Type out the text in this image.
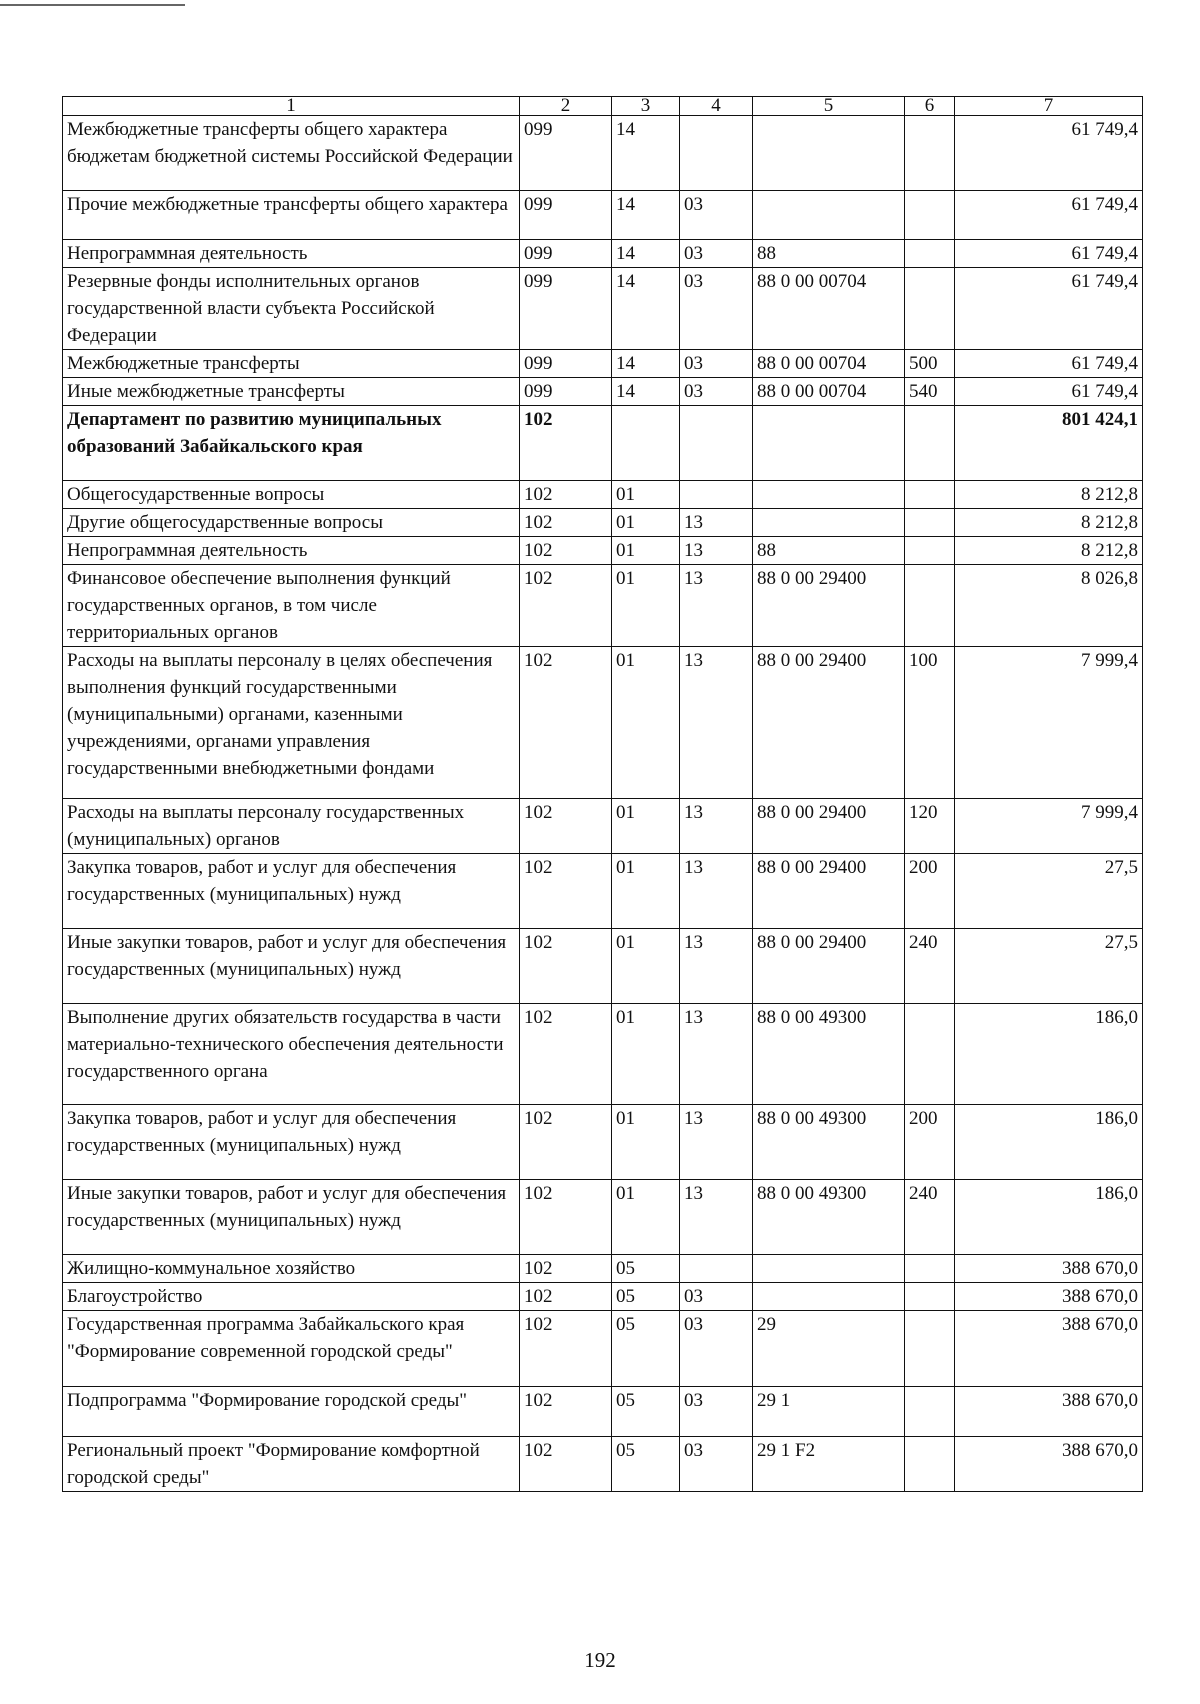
1	2	3	4	5	6	7
Межбюджетные трансферты общего характера бюджетам бюджетной системы Российской Федерации	099	14				61 749,4
Прочие межбюджетные трансферты общего характера	099	14	03			61 749,4
Непрограммная деятельность	099	14	03	88		61 749,4
Резервные фонды исполнительных органов государственной власти субъекта Российской Федерации	099	14	03	88 0 00 00704		61 749,4
Межбюджетные трансферты	099	14	03	88 0 00 00704	500	61 749,4
Иные межбюджетные трансферты	099	14	03	88 0 00 00704	540	61 749,4
Департамент по развитию муниципальных образований Забайкальского края	102					801 424,1
Общегосударственные вопросы	102	01				8 212,8
Другие общегосударственные вопросы	102	01	13			8 212,8
Непрограммная деятельность	102	01	13	88		8 212,8
Финансовое обеспечение выполнения функций государственных органов, в том числе территориальных органов	102	01	13	88 0 00 29400		8 026,8
Расходы на выплаты персоналу в целях обеспечения выполнения функций государственными (муниципальными) органами, казенными учреждениями, органами управления государственными внебюджетными фондами	102	01	13	88 0 00 29400	100	7 999,4
Расходы на выплаты персоналу государственных (муниципальных) органов	102	01	13	88 0 00 29400	120	7 999,4
Закупка товаров, работ и услуг для обеспечения государственных (муниципальных) нужд	102	01	13	88 0 00 29400	200	27,5
Иные закупки товаров, работ и услуг для обеспечения государственных (муниципальных) нужд	102	01	13	88 0 00 29400	240	27,5
Выполнение других обязательств государства в части материально-технического обеспечения деятельности государственного органа	102	01	13	88 0 00 49300		186,0
Закупка товаров, работ и услуг для обеспечения государственных (муниципальных) нужд	102	01	13	88 0 00 49300	200	186,0
Иные закупки товаров, работ и услуг для обеспечения государственных (муниципальных) нужд	102	01	13	88 0 00 49300	240	186,0
Жилищно-коммунальное хозяйство	102	05				388 670,0
Благоустройство	102	05	03			388 670,0
Государственная программа Забайкальского края "Формирование современной городской среды"	102	05	03	29		388 670,0
Подпрограмма "Формирование городской среды"	102	05	03	29 1		388 670,0
Региональный проект "Формирование комфортной городской среды"	102	05	03	29 1 F2		388 670,0
192
